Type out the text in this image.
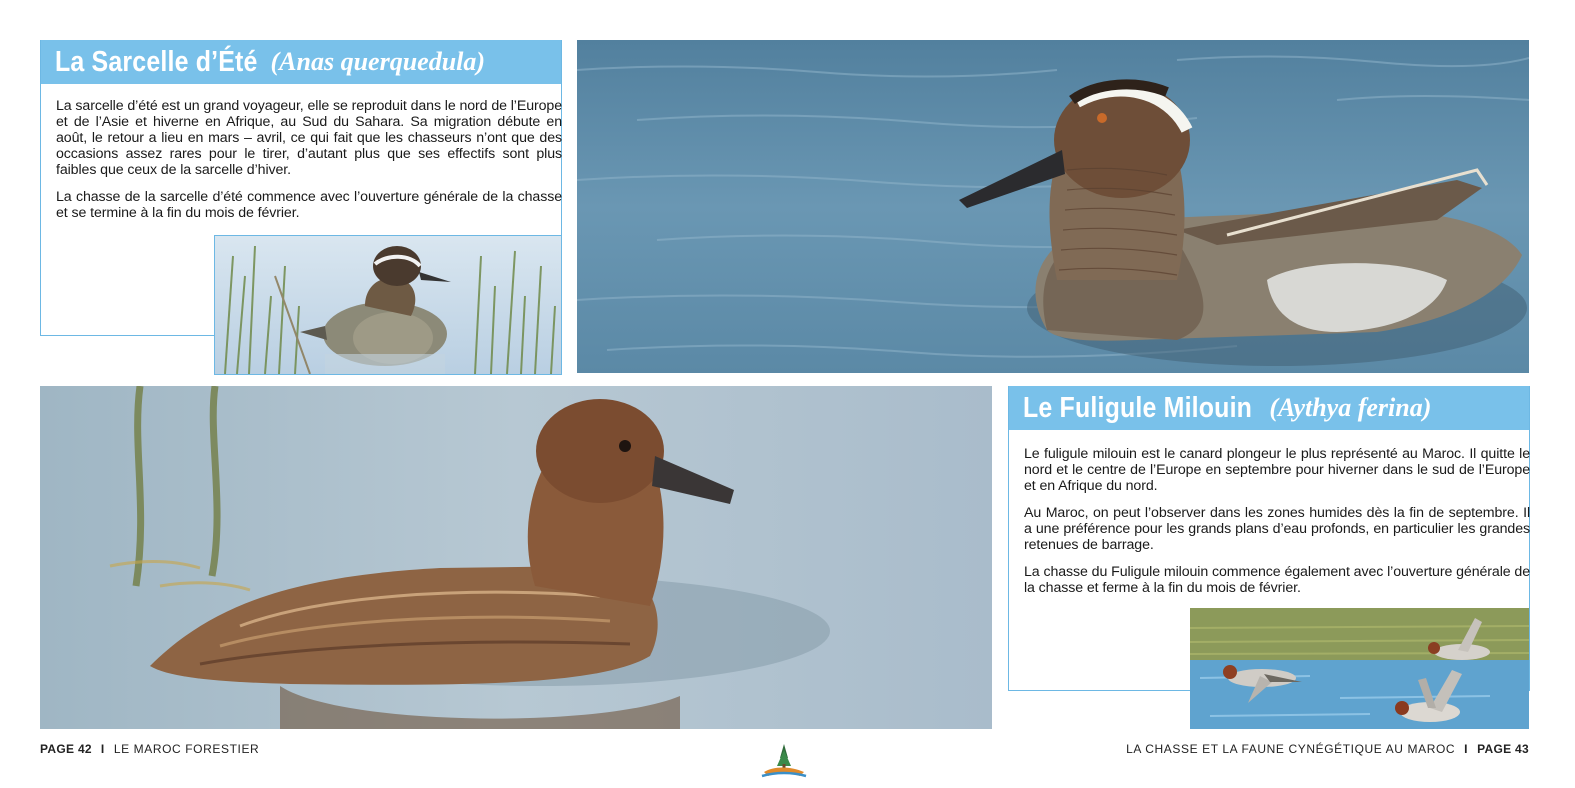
La Sarcelle d’Été (Anas querquedula)

La sarcelle d’été est un grand voyageur, elle se reproduit dans le nord de l’Europe et de l’Asie et hiverne en Afrique, au Sud du Sahara. Sa migration débute en août, le retour a lieu en mars – avril, ce qui fait que les chasseurs n’ont que des occasions assez rares pour le tirer, d’autant plus que ses effectifs sont plus faibles que ceux de la sarcelle d’hiver.

La chasse de la sarcelle d’été commence avec l’ouverture générale de la chasse et se termine à la fin du mois de février.

Le Fuligule Milouin (Aythya ferina)

Le fuligule milouin est le canard plongeur le plus représenté au Maroc. Il quitte le nord et le centre de l’Europe en septembre pour hiverner dans le sud de l’Europe et en Afrique du nord.

Au Maroc, on peut l’observer dans les zones humides dès la fin de septembre. Il a une préférence pour les grands plans d’eau profonds, en particulier les grandes retenues de barrage.

La chasse du Fuligule milouin commence également avec l’ouverture générale de la chasse et ferme à la fin du mois de février.

PAGE 42 I LE MAROC FORESTIER	LA CHASSE ET LA FAUNE CYNÉGÉTIQUE AU MAROC I PAGE 43
